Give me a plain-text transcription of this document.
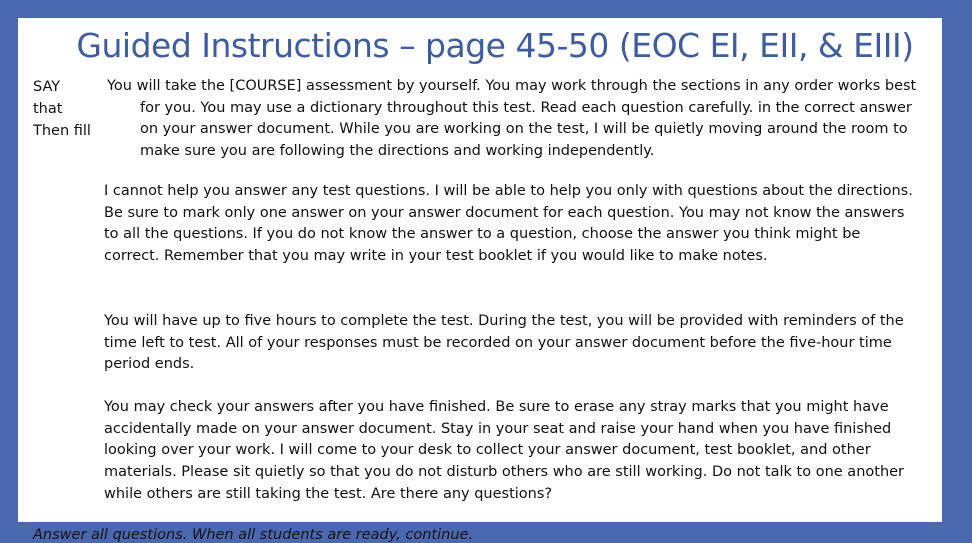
Guided Instructions – page 45-50 (EOC EI, EII, & EIII)
SAY
that
Then fill
You will take the [COURSE] assessment by yourself. You may work through the sections in any order works best for you. You may use a dictionary throughout this test. Read each question carefully. in the correct answer on your answer document. While you are working on the test, I will be quietly moving around the room to make sure you are following the directions and working independently.
I cannot help you answer any test questions. I will be able to help you only with questions about the directions. Be sure to mark only one answer on your answer document for each question. You may not know the answers to all the questions. If you do not know the answer to a question, choose the answer you think might be correct. Remember that you may write in your test booklet if you would like to make notes.
You will have up to five hours to complete the test. During the test, you will be provided with reminders of the time left to test. All of your responses must be recorded on your answer document before the five-hour time period ends.
You may check your answers after you have finished. Be sure to erase any stray marks that you might have accidentally made on your answer document. Stay in your seat and raise your hand when you have finished looking over your work. I will come to your desk to collect your answer document, test booklet, and other materials. Please sit quietly so that you do not disturb others who are still working. Do not talk to one another while others are still taking the test. Are there any questions?
Answer all questions. When all students are ready, continue.
